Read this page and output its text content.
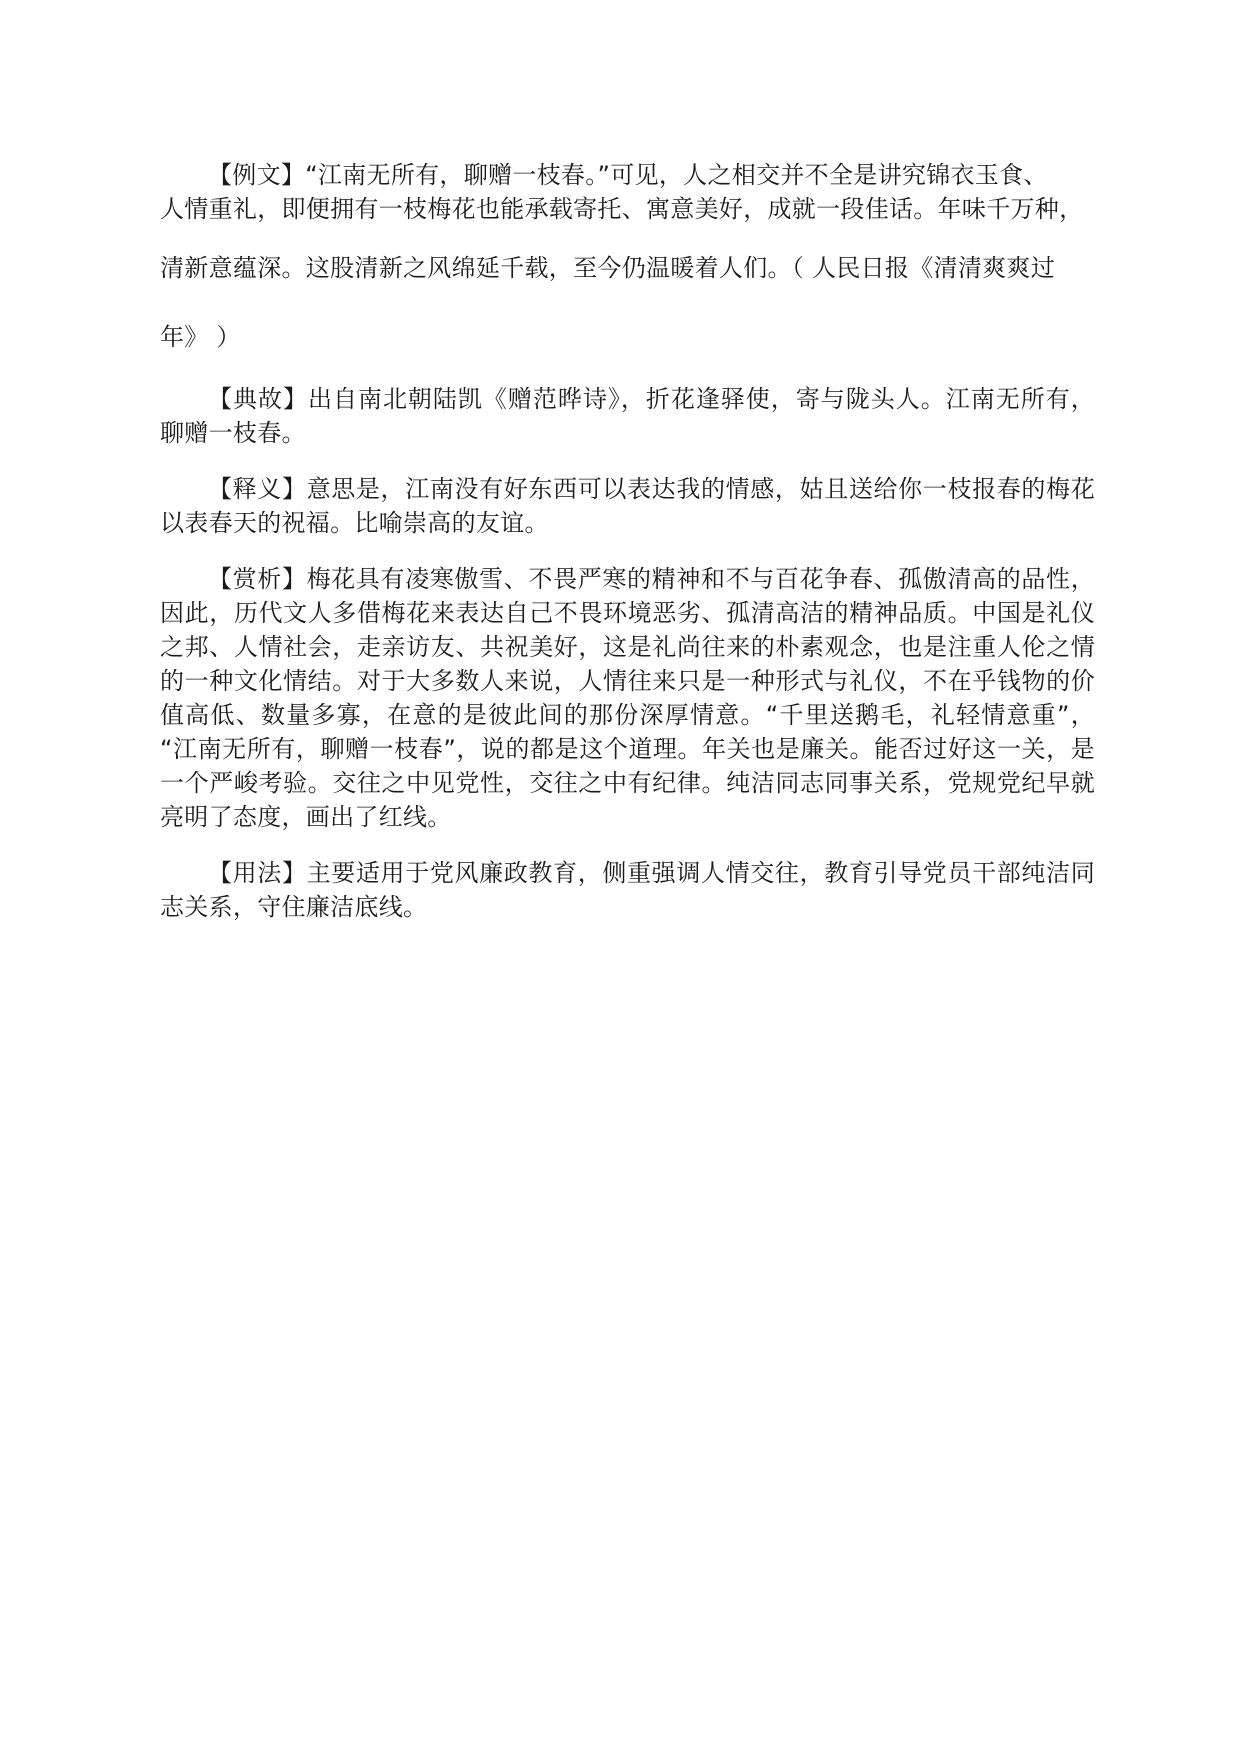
【例文】“江南无所有，聊赠一枝春。”可见，人之相交并不全是讲究锦衣玉食、
人情重礼，即便拥有一枝梅花也能承载寄托、寓意美好，成就一段佳话。年味千万种，
清新意蕴深。这股清新之风绵延千载，至今仍温暖着人们。（ 人民日报《清清爽爽过
年》 ）

【典故】出自南北朝陆凯《赠范晔诗》，折花逢驿使，寄与陇头人。江南无所有，聊赠一枝春。

【释义】意思是，江南没有好东西可以表达我的情感，姑且送给你一枝报春的梅花以表春天的祝福。比喻崇高的友谊。

【赏析】梅花具有凌寒傲雪、不畏严寒的精神和不与百花争春、孤傲清高的品性，因此，历代文人多借梅花来表达自己不畏环境恶劣、孤清高洁的精神品质。中国是礼仪之邦、人情社会，走亲访友、共祝美好，这是礼尚往来的朴素观念，也是注重人伦之情的一种文化情结。对于大多数人来说，人情往来只是一种形式与礼仪，不在乎钱物的价值高低、数量多寡，在意的是彼此间的那份深厚情意。“千里送鹅毛，礼轻情意重”， “江南无所有，聊赠一枝春”，说的都是这个道理。年关也是廉关。能否过好这一关，是一个严峻考验。交往之中见党性，交往之中有纪律。纯洁同志同事关系，党规党纪早就亮明了态度，画出了红线。

【用法】主要适用于党风廉政教育，侧重强调人情交往，教育引导党员干部纯洁同志关系，守住廉洁底线。
